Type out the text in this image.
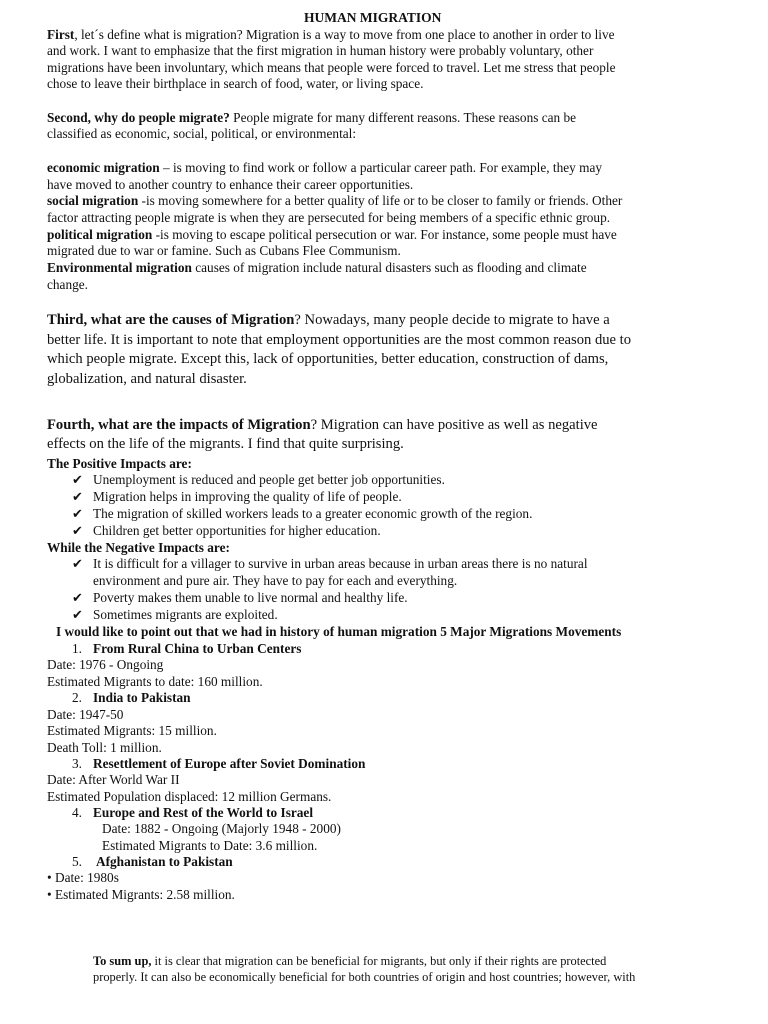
HUMAN MIGRATION
First, let´s define what is migration? Migration is a way to move from one place to another in order to live
and work. I want to emphasize that the first migration in human history were probably voluntary, other
migrations have been involuntary, which means that people were forced to travel. Let me stress that people
chose to leave their birthplace in search of food, water, or living space.
Second, why do people migrate? People migrate for many different reasons. These reasons can be
classified as economic, social, political, or environmental:
economic migration – is moving to find work or follow a particular career path. For example, they may
have moved to another country to enhance their career opportunities.
social migration -is moving somewhere for a better quality of life or to be closer to family or friends. Other
factor attracting people migrate is when they are persecuted for being members of a specific ethnic group.
political migration -is moving to escape political persecution or war. For instance, some people must have
migrated due to war or famine. Such as Cubans Flee Communism.
Environmental migration causes of migration include natural disasters such as flooding and climate
change.
Third, what are the causes of Migration? Nowadays, many people decide to migrate to have a
better life. It is important to note that employment opportunities are the most common reason due to
which people migrate. Except this, lack of opportunities, better education, construction of dams,
globalization, and natural disaster.
Fourth, what are the impacts of Migration? Migration can have positive as well as negative
effects on the life of the migrants. I find that quite surprising.
The Positive Impacts are:
✔ Unemployment is reduced and people get better job opportunities.
✔ Migration helps in improving the quality of life of people.
✔ The migration of skilled workers leads to a greater economic growth of the region.
✔ Children get better opportunities for higher education.
While the Negative Impacts are:
✔ It is difficult for a villager to survive in urban areas because in urban areas there is no natural
environment and pure air. They have to pay for each and everything.
✔ Poverty makes them unable to live normal and healthy life.
✔ Sometimes migrants are exploited.
I would like to point out that we had in history of human migration 5 Major Migrations Movements
1. From Rural China to Urban Centers
Date: 1976 - Ongoing
Estimated Migrants to date: 160 million.
2. India to Pakistan
Date: 1947-50
Estimated Migrants: 15 million.
Death Toll: 1 million.
3. Resettlement of Europe after Soviet Domination
Date: After World War II
Estimated Population displaced: 12 million Germans.
4. Europe and Rest of the World to Israel
Date: 1882 - Ongoing (Majorly 1948 - 2000)
Estimated Migrants to Date: 3.6 million.
5. Afghanistan to Pakistan
• Date: 1980s
• Estimated Migrants: 2.58 million.
To sum up, it is clear that migration can be beneficial for migrants, but only if their rights are protected
properly. It can also be economically beneficial for both countries of origin and host countries; however, with
